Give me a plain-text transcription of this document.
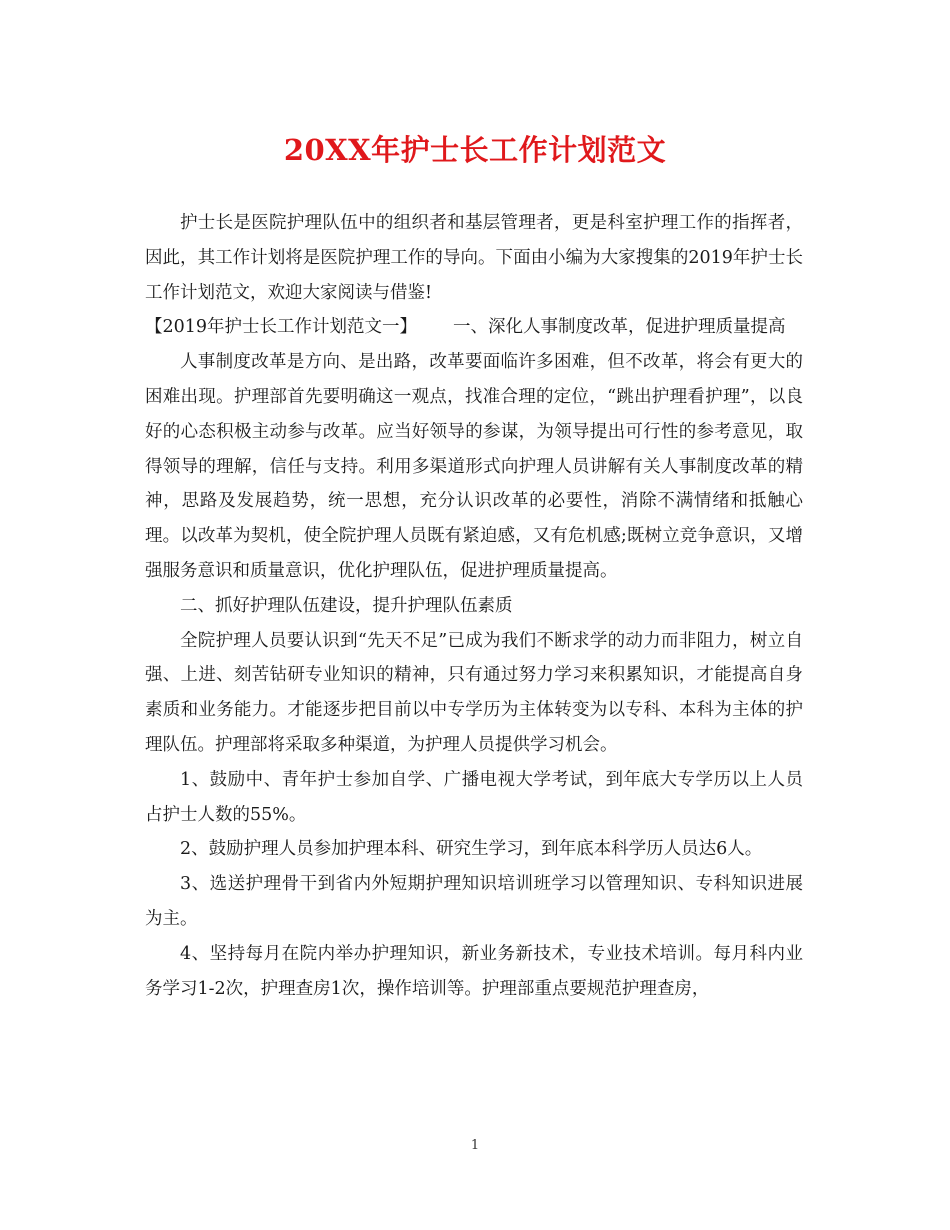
20XX年护士长工作计划范文

护士长是医院护理队伍中的组织者和基层管理者，更是科室护理工作的指挥者，因此，其工作计划将是医院护理工作的导向。下面由小编为大家搜集的2019年护士长工作计划范文，欢迎大家阅读与借鉴!

【2019年护士长工作计划范文一】 一、深化人事制度改革，促进护理质量提高

人事制度改革是方向、是出路，改革要面临许多困难，但不改革，将会有更大的困难出现。护理部首先要明确这一观点，找准合理的定位，“跳出护理看护理”，以良好的心态积极主动参与改革。应当好领导的参谋，为领导提出可行性的参考意见，取得领导的理解，信任与支持。利用多渠道形式向护理人员讲解有关人事制度改革的精神，思路及发展趋势，统一思想，充分认识改革的必要性，消除不满情绪和抵触心理。以改革为契机，使全院护理人员既有紧迫感，又有危机感;既树立竞争意识，又增强服务意识和质量意识，优化护理队伍，促进护理质量提高。

二、抓好护理队伍建设，提升护理队伍素质

全院护理人员要认识到“先天不足”已成为我们不断求学的动力而非阻力，树立自强、上进、刻苦钻研专业知识的精神，只有通过努力学习来积累知识，才能提高自身素质和业务能力。才能逐步把目前以中专学历为主体转变为以专科、本科为主体的护理队伍。护理部将采取多种渠道，为护理人员提供学习机会。

1、鼓励中、青年护士参加自学、广播电视大学考试，到年底大专学历以上人员占护士人数的55%。

2、鼓励护理人员参加护理本科、研究生学习，到年底本科学历人员达6人。

3、选送护理骨干到省内外短期护理知识培训班学习以管理知识、专科知识进展为主。

4、坚持每月在院内举办护理知识，新业务新技术，专业技术培训。每月科内业务学习1-2次，护理查房1次，操作培训等。护理部重点要规范护理查房，

1
